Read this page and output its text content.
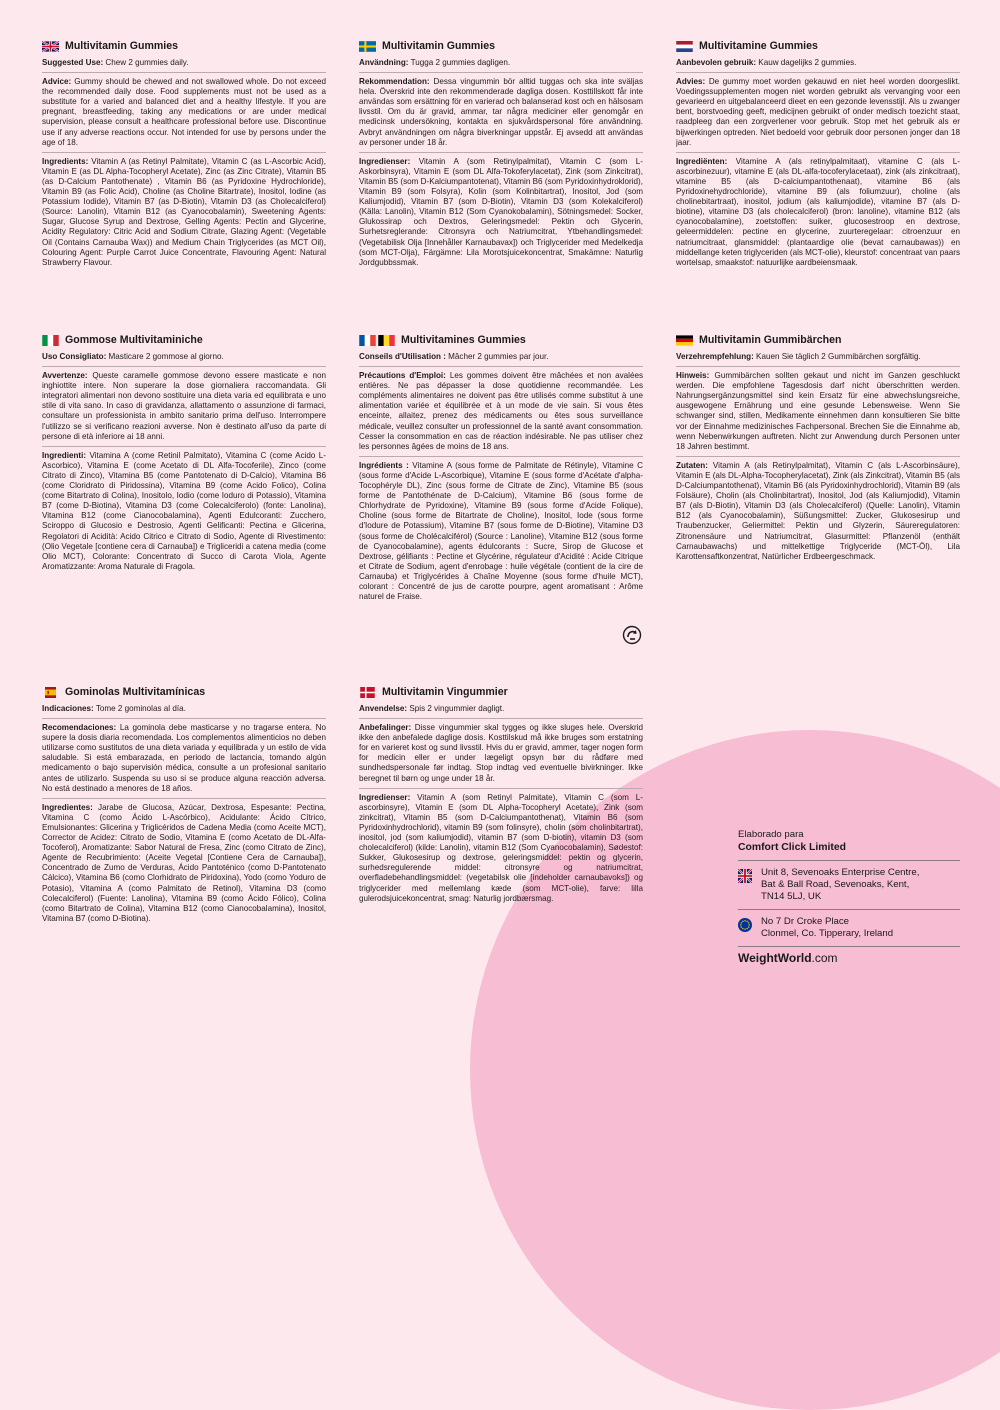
Multivitamin Gummies

Suggested Use: Chew 2 gummies daily.

Advice: Gummy should be chewed and not swallowed whole. Do not exceed the recommended daily dose. Food supplements must not be used as a substitute for a varied and balanced diet and a healthy lifestyle. If you are pregnant, breastfeeding, taking any medications or are under medical supervision, please consult a healthcare professional before use. Discontinue use if any adverse reactions occur. Not intended for use by persons under the age of 18.

Ingredients: Vitamin A (as Retinyl Palmitate), Vitamin C (as L-Ascorbic Acid), Vitamin E (as DL Alpha-Tocopheryl Acetate), Zinc (as Zinc Citrate), Vitamin B5 (as D-Calcium Pantothenate) , Vitamin B6 (as Pyridoxine Hydrochloride), Vitamin B9 (as Folic Acid), Choline (as Choline Bitartrate), Inositol, Iodine (as Potassium Iodide), Vitamin B7 (as D-Biotin), Vitamin D3 (as Cholecalciferol) (Source: Lanolin), Vitamin B12 (as Cyanocobalamin), Sweetening Agents: Sugar, Glucose Syrup and Dextrose, Gelling Agents: Pectin and Glycerine, Acidity Regulatory: Citric Acid and Sodium Citrate, Glazing Agent: (Vegetable Oil (Contains Carnauba Wax)) and Medium Chain Triglycerides (as MCT Oil), Colouring Agent: Purple Carrot Juice Concentrate, Flavouring Agent: Natural Strawberry Flavour.

Multivitamin Gummies

Användning: Tugga 2 gummies dagligen.

Rekommendation: Dessa vingummin bör alltid tuggas och ska inte sväljas hela. Överskrid inte den rekommenderade dagliga dosen. Kosttillskott får inte användas som ersättning för en varierad och balanserad kost och en hälsosam livsstil. Om du är gravid, ammar, tar några mediciner eller genomgår en medicinsk undersökning, kontakta en sjukvårdspersonal före användning. Avbryt användningen om några biverkningar uppstår. Ej avsedd att användas av personer under 18 år.

Ingredienser: Vitamin A (som Retinylpalmitat), Vitamin C (som L-Askorbinsyra), Vitamin E (som DL Alfa-Tokoferylacetat), Zink (som Zinkcitrat), Vitamin B5 (som D-Kalciumpantotenat), Vitamin B6 (som Pyridoxinhydroklorid), Vitamin B9 (som Folsyra), Kolin (som Kolinbitartrat), Inositol, Jod (som Kaliumjodid), Vitamin B7 (som D-Biotin), Vitamin D3 (som Kolekalciferol) (Källa: Lanolin), Vitamin B12 (Som Cyanokobalamin), Sötningsmedel: Socker, Glukossirap och Dextros, Geleringsmedel: Pektin och Glycerin, Surhetsreglerande: Citronsyra och Natriumcitrat, Ytbehandlingsmedel: (Vegetabilisk Olja [Innehåller Karnaubavax]) och Triglycerider med Medelkedja (som MCT-Olja), Färgämne: Lila Morotsjuicekoncentrat, Smakämne: Naturlig Jordgubbssmak.

Multivitamine Gummies

Aanbevolen gebruik: Kauw dagelijks 2 gummies.

Advies: De gummy moet worden gekauwd en niet heel worden doorgeslikt. Voedingssupplementen mogen niet worden gebruikt als vervanging voor een gevarieerd en uitgebalanceerd dieet en een gezonde levensstijl. Als u zwanger bent, borstvoeding geeft, medicijnen gebruikt of onder medisch toezicht staat, raadpleeg dan een zorgverlener voor gebruik. Stop met het gebruik als er bijwerkingen optreden. Niet bedoeld voor gebruik door personen jonger dan 18 jaar.

Ingrediënten: Vitamine A (als retinylpalmitaat), vitamine C (als L-ascorbinezuur), vitamine E (als DL-alfa-tocoferylacetaat), zink (als zinkcitraat), vitamine B5 (als D-calciumpantothenaat), vitamine B6 (als Pyridoxinehydrochloride), vitamine B9 (als foliumzuur), choline (als cholinebitartraat), inositol, jodium (als kaliumjodide), vitamine B7 (als D-biotine), vitamine D3 (als cholecalciferol) (bron: lanoline), vitamine B12 (als cyanocobalamine), zoetstoffen: suiker, glucosestroop en dextrose, geleermiddelen: pectine en glycerine, zuurteregelaar: citroenzuur en natriumcitraat, glansmiddel: (plantaardige olie (bevat carnaubawas)) en middellange keten triglyceriden (als MCT-olie), kleurstof: concentraat van paars wortelsap, smaakstof: natuurlijke aardbeiensmaak.

Gommose Multivitaminiche

Uso Consigliato: Masticare 2 gommose al giorno.

Avvertenze: Queste caramelle gommose devono essere masticate e non inghiottite intere. Non superare la dose giornaliera raccomandata. Gli integratori alimentari non devono sostituire una dieta varia ed equilibrata e uno stile di vita sano. In caso di gravidanza, allattamento o assunzione di farmaci, consultare un professionista in ambito sanitario prima dell'uso. Interrompere l'utilizzo se si verificano reazioni avverse. Non è destinato all'uso da parte di persone di età inferiore ai 18 anni.

Ingredienti: Vitamina A (come Retinil Palmitato), Vitamina C (come Acido L-Ascorbico), Vitamina E (come Acetato di DL Alfa-Tocoferile), Zinco (come Citrato di Zinco), Vitamina B5 (come Pantotenato di D-Calcio), Vitamina B6 (come Cloridrato di Piridossina), Vitamina B9 (come Acido Folico), Colina (come Bitartrato di Colina), Inositolo, Iodio (come Ioduro di Potassio), Vitamina B7 (come D-Biotina), Vitamina D3 (come Colecalciferolo) (fonte: Lanolina), Vitamina B12 (come Cianocobalamina), Agenti Edulcoranti: Zucchero, Sciroppo di Glucosio e Destrosio, Agenti Gelificanti: Pectina e Glicerina, Regolatori di Acidità: Acido Citrico e Citrato di Sodio, Agente di Rivestimento: (Olio Vegetale [contiene cera di Carnauba]) e Trigliceridi a catena media (come Olio MCT), Colorante: Concentrato di Succo di Carota Viola, Agente Aromatizzante: Aroma Naturale di Fragola.

Multivitamines Gummies

Conseils d'Utilisation : Mâcher 2 gummies par jour.

Précautions d'Emploi: Les gommes doivent être mâchées et non avalées entières. Ne pas dépasser la dose quotidienne recommandée. Les compléments alimentaires ne doivent pas être utilisés comme substitut à une alimentation variée et équilibrée et à un mode de vie sain. Si vous êtes enceinte, allaitez, prenez des médicaments ou êtes sous surveillance médicale, veuillez consulter un professionnel de la santé avant consommation. Cesser la consommation en cas de réaction indésirable. Ne pas utiliser chez les personnes âgées de moins de 18 ans.

Ingrédients : Vitamine A (sous forme de Palmitate de Rétinyle), Vitamine C (sous forme d'Acide L-Ascorbique), Vitamine E (sous forme d'Acétate d'alpha-Tocophéryle DL), Zinc (sous forme de Citrate de Zinc), Vitamine B5 (sous forme de Pantothénate de D-Calcium), Vitamine B6 (sous forme de Chlorhydrate de Pyridoxine), Vitamine B9 (sous forme d'Acide Folique), Choline (sous forme de Bitartrate de Choline), Inositol, Iode (sous forme d'Iodure de Potassium), Vitamine B7 (sous forme de D-Biotine), Vitamine D3 (sous forme de Cholécalciférol) (Source : Lanoline), Vitamine B12 (sous forme de Cyanocobalamine), agents édulcorants : Sucre, Sirop de Glucose et Dextrose, gélifiants : Pectine et Glycérine, régulateur d'Acidité : Acide Citrique et Citrate de Sodium, agent d'enrobage : huile végétale (contient de la cire de Carnauba) et Triglycérides à Chaîne Moyenne (sous forme d'huile MCT), colorant : Concentré de jus de carotte pourpre, agent aromatisant : Arôme naturel de Fraise.

Multivitamin Gummibärchen

Verzehrempfehlung: Kauen Sie täglich 2 Gummibärchen sorgfältig.

Hinweis: Gummibärchen sollten gekaut und nicht im Ganzen geschluckt werden. Die empfohlene Tagesdosis darf nicht überschritten werden. Nahrungsergänzungsmittel sind kein Ersatz für eine abwechslungsreiche, ausgewogene Ernährung und eine gesunde Lebensweise. Wenn Sie schwanger sind, stillen, Medikamente einnehmen dann konsultieren Sie bitte vor der Einnahme medizinisches Fachpersonal. Brechen Sie die Einnahme ab, wenn Nebenwirkungen auftreten. Nicht zur Anwendung durch Personen unter 18 Jahren bestimmt.

Zutaten: Vitamin A (als Retinylpalmitat), Vitamin C (als L-Ascorbinsäure), Vitamin E (als DL-Alpha-Tocopherylacetat), Zink (als Zinkcitrat), Vitamin B5 (als D-Calciumpantothenat), Vitamin B6 (als Pyridoxinhydrochlorid), Vitamin B9 (als Folsäure), Cholin (als Cholinbitartrat), Inositol, Jod (als Kaliumjodid), Vitamin B7 (als D-Biotin), Vitamin D3 (als Cholecalciferol) (Quelle: Lanolin), Vitamin B12 (als Cyanocobalamin), Süßungsmittel: Zucker, Glukosesirup und Traubenzucker, Geliermittel: Pektin und Glyzerin, Säureregulatoren: Zitronensäure und Natriumcitrat, Glasurmittel: Pflanzenöl (enthält Carnaubawachs) und mittelkettige Triglyceride (MCT-Öl), Lila Karottensaftkonzentrat, Natürlicher Erdbeergeschmack.

Gominolas Multivitamínicas

Indicaciones: Tome 2 gominolas al día.

Recomendaciones: La gominola debe masticarse y no tragarse entera. No supere la dosis diaria recomendada. Los complementos alimenticios no deben utilizarse como sustitutos de una dieta variada y equilibrada y un estilo de vida saludable. Si está embarazada, en periodo de lactancia, tomando algún medicamento o bajo supervisión médica, consulte a un profesional sanitario antes de utilizarlo. Suspenda su uso si se produce alguna reacción adversa. No está destinado a menores de 18 años.

Ingredientes: Jarabe de Glucosa, Azúcar, Dextrosa, Espesante: Pectina, Vitamina C (como Ácido L-Ascórbico), Acidulante: Ácido Cítrico, Emulsionantes: Glicerina y Triglicéridos de Cadena Media (como Aceite MCT), Corrector de Acidez: Citrato de Sodio, Vitamina E (como Acetato de DL-Alfa-Tocoferol), Aromatizante: Sabor Natural de Fresa, Zinc (como Citrato de Zinc), Agente de Recubrimiento: (Aceite Vegetal [Contiene Cera de Carnauba]), Concentrado de Zumo de Verduras, Ácido Pantoténico (como D-Pantotenato Cálcico), Vitamina B6 (como Clorhidrato de Piridoxina), Yodo (como Yoduro de Potasio), Vitamina A (como Palmitato de Retinol), Vitamina D3 (como Colecalciferol) (Fuente: Lanolina), Vitamina B9 (como Ácido Fólico), Colina (como Bitartrato de Colina), Vitamina B12 (como Cianocobalamina), Inositol, Vitamina B7 (como D-Biotina).

Multivitamin Vingummier

Anvendelse: Spis 2 vingummier dagligt.

Anbefalinger: Disse vingummier skal tygges og ikke sluges hele. Overskrid ikke den anbefalede daglige dosis. Kosttilskud må ikke bruges som erstatning for en varieret kost og sund livsstil. Hvis du er gravid, ammer, tager nogen form for medicin eller er under lægeligt opsyn bør du rådføre med sundhedspersonale før indtag. Stop indtag ved eventuelle bivirkninger. Ikke beregnet til børn og unge under 18 år.

Ingredienser: Vitamin A (som Retinyl Palmitate), Vitamin C (som L-ascorbinsyre), Vitamin E (som DL Alpha-Tocopheryl Acetate), Zink (som zinkcitrat), Vitamin B5 (som D-Calciumpantothenat), Vitamin B6 (som Pyridoxinhydrochlorid), vitamin B9 (som folinsyre), cholin (som cholinbitartrat), inositol, jod (som kaliumjodid), vitamin B7 (som D-biotin), vitamin D3 (som cholecalciferol) (kilde: Lanolin), vitamin B12 (Som Cyanocobalamin), Sødestof: Sukker, Glukosesirup og dextrose, geleringsmiddel: pektin og glycerin, surhedsregulerende middel: citronsyre og natriumcitrat, overfladebehandlingsmiddel: (vegetabilsk olie [indeholder carnaubavoks]) og triglycerider med mellemlang kæde (som MCT-olie), farve: lilla gulerodsjuicekoncentrat, smag: Naturlig jordbærsmag.

Elaborado para

Comfort Click Limited

Unit 8, Sevenoaks Enterprise Centre,
Bat & Ball Road, Sevenoaks, Kent,
TN14 5LJ, UK
No 7 Dr Croke Place
Clonmel, Co. Tipperary, Ireland
WeightWorld.com
